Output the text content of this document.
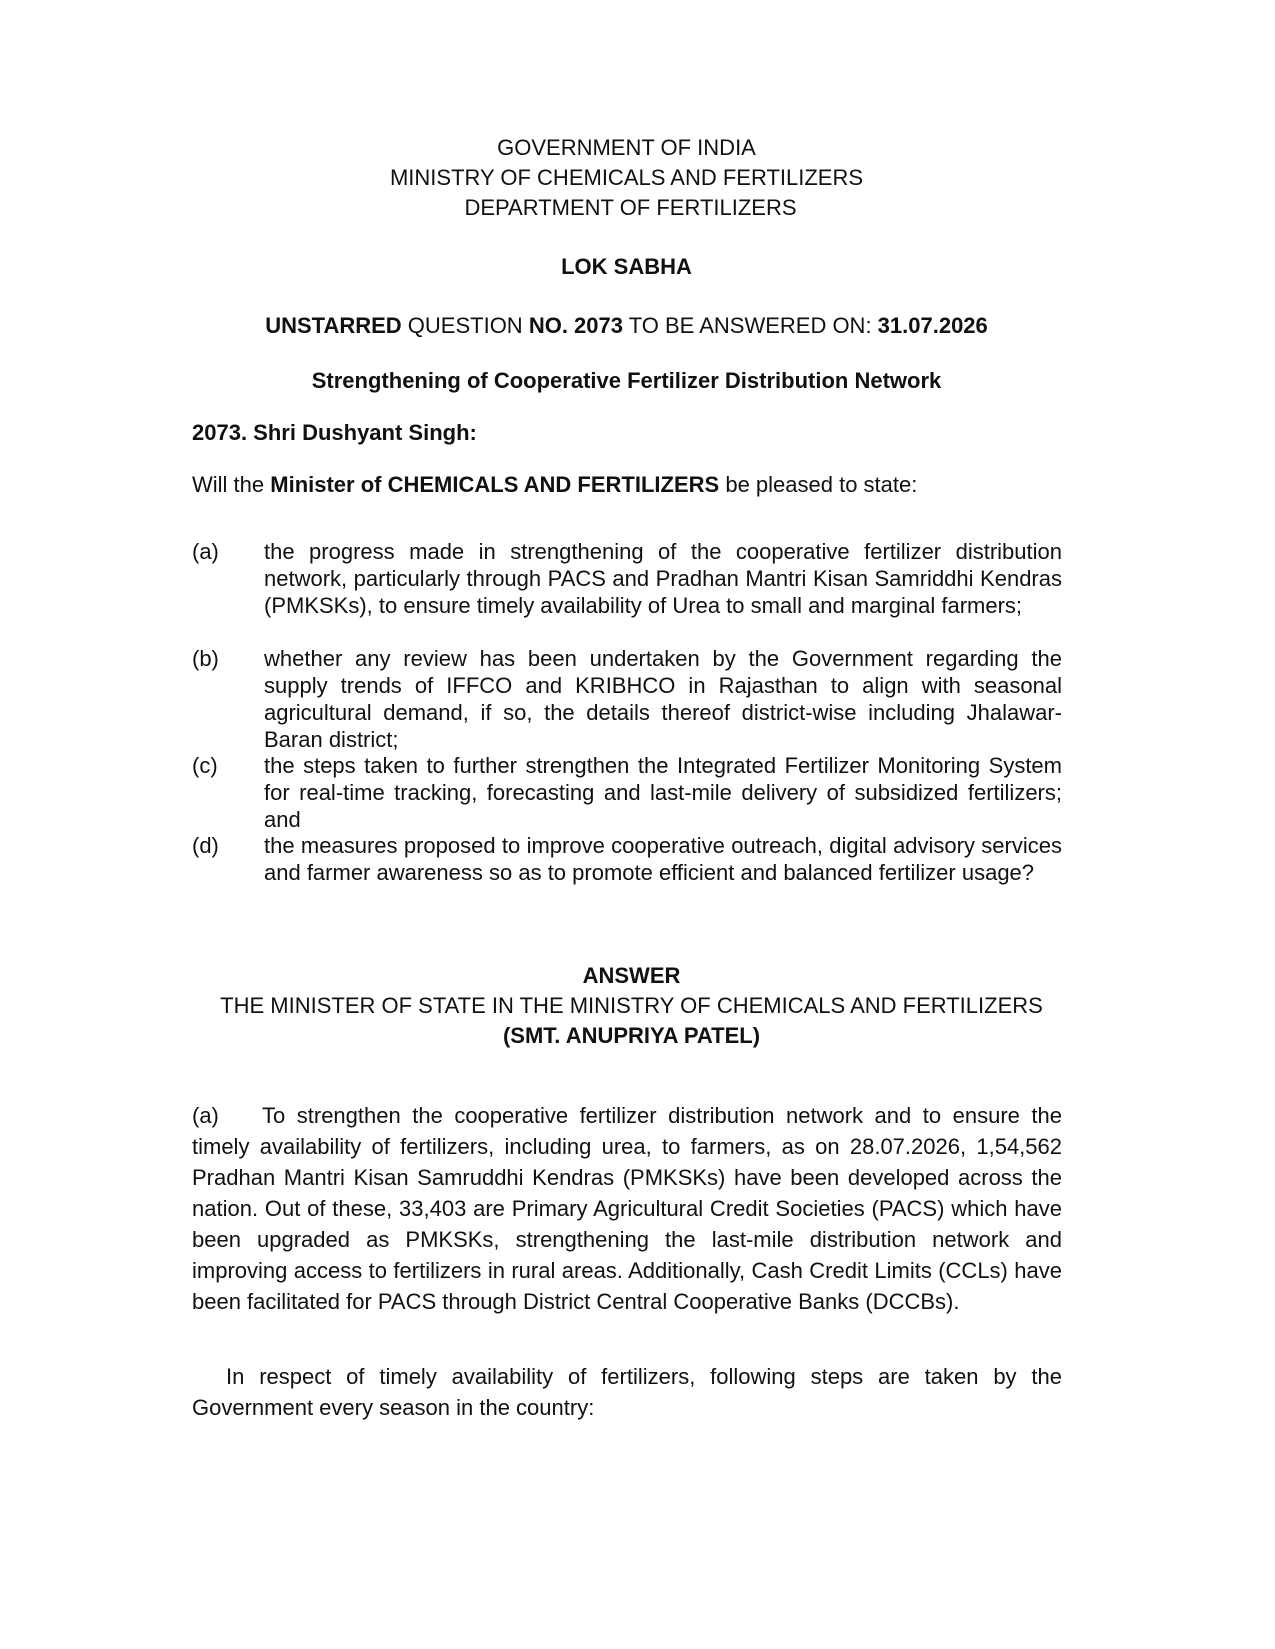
GOVERNMENT OF INDIA
MINISTRY OF CHEMICALS AND FERTILIZERS
DEPARTMENT OF FERTILIZERS
LOK SABHA
UNSTARRED QUESTION NO. 2073 TO BE ANSWERED ON: 31.07.2026
Strengthening of Cooperative Fertilizer Distribution Network
2073. Shri Dushyant Singh:
Will the Minister of CHEMICALS AND FERTILIZERS be pleased to state:
(a) the progress made in strengthening of the cooperative fertilizer distribution network, particularly through PACS and Pradhan Mantri Kisan Samriddhi Kendras (PMKSKs), to ensure timely availability of Urea to small and marginal farmers;
(b) whether any review has been undertaken by the Government regarding the supply trends of IFFCO and KRIBHCO in Rajasthan to align with seasonal agricultural demand, if so, the details thereof district-wise including Jhalawar-Baran district;
(c) the steps taken to further strengthen the Integrated Fertilizer Monitoring System for real-time tracking, forecasting and last-mile delivery of subsidized fertilizers; and
(d) the measures proposed to improve cooperative outreach, digital advisory services and farmer awareness so as to promote efficient and balanced fertilizer usage?
ANSWER
THE MINISTER OF STATE IN THE MINISTRY OF CHEMICALS AND FERTILIZERS
(SMT. ANUPRIYA PATEL)
(a) To strengthen the cooperative fertilizer distribution network and to ensure the timely availability of fertilizers, including urea, to farmers, as on 28.07.2026, 1,54,562 Pradhan Mantri Kisan Samruddhi Kendras (PMKSKs) have been developed across the nation. Out of these, 33,403 are Primary Agricultural Credit Societies (PACS) which have been upgraded as PMKSKs, strengthening the last-mile distribution network and improving access to fertilizers in rural areas. Additionally, Cash Credit Limits (CCLs) have been facilitated for PACS through District Central Cooperative Banks (DCCBs).
In respect of timely availability of fertilizers, following steps are taken by the Government every season in the country:
